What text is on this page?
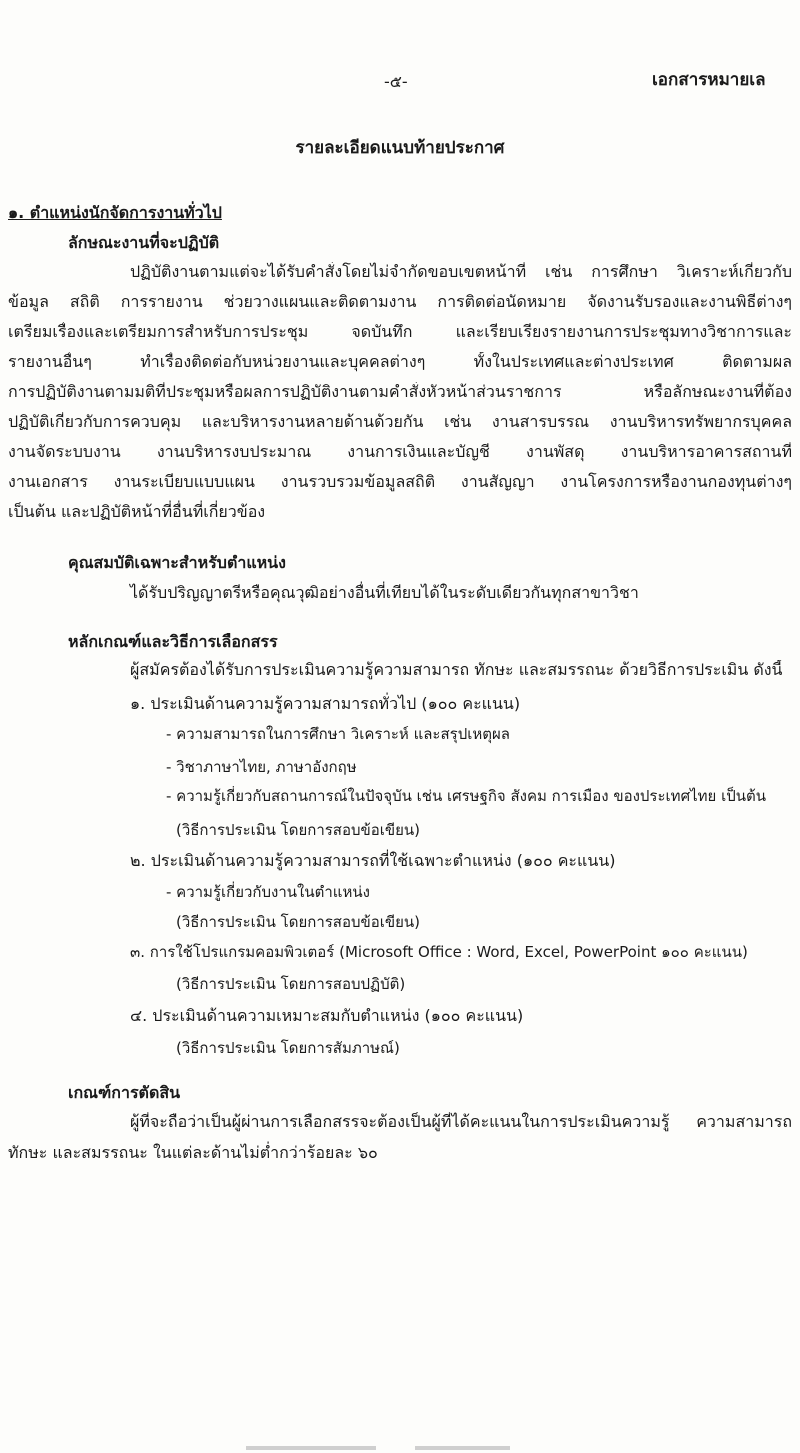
-๕-	เอกสารหมายเล
รายละเอียดแนบท้ายประกาศ
๑. ตำแหน่งนักจัดการงานทั่วไป
ลักษณะงานที่จะปฏิบัติ
ปฏิบัติงานตามแต่จะได้รับคำสั่งโดยไม่จำกัดขอบเขตหน้าที่ เช่น การศึกษา วิเคราะห์เกี่ยวกับ
ข้อมูล สถิติ การรายงาน ช่วยวางแผนและติดตามงาน การติดต่อนัดหมาย จัดงานรับรองและงานพิธีต่างๆ
เตรียมเรื่องและเตรียมการสำหรับการประชุม จดบันทึก และเรียบเรียงรายงานการประชุมทางวิชาการและ
รายงานอื่นๆ ทำเรื่องติดต่อกับหน่วยงานและบุคคลต่างๆ ทั้งในประเทศและต่างประเทศ ติดตามผล
การปฏิบัติงานตามมติที่ประชุมหรือผลการปฏิบัติงานตามคำสั่งหัวหน้าส่วนราชการ หรือลักษณะงานที่ต้อง
ปฏิบัติเกี่ยวกับการควบคุม และบริหารงานหลายด้านด้วยกัน เช่น งานสารบรรณ งานบริหารทรัพยากรบุคคล
งานจัดระบบงาน งานบริหารงบประมาณ งานการเงินและบัญชี งานพัสดุ งานบริหารอาคารสถานที่
งานเอกสาร งานระเบียบแบบแผน งานรวบรวมข้อมูลสถิติ งานสัญญา งานโครงการหรืองานกองทุนต่างๆ
เป็นต้น และปฏิบัติหน้าที่อื่นที่เกี่ยวข้อง
คุณสมบัติเฉพาะสำหรับตำแหน่ง
ได้รับปริญญาตรีหรือคุณวุฒิอย่างอื่นที่เทียบได้ในระดับเดียวกันทุกสาขาวิชา
หลักเกณฑ์และวิธีการเลือกสรร
ผู้สมัครต้องได้รับการประเมินความรู้ความสามารถ ทักษะ และสมรรถนะ ด้วยวิธีการประเมิน ดังนี้
๑. ประเมินด้านความรู้ความสามารถทั่วไป (๑๐๐ คะแนน)
- ความสามารถในการศึกษา วิเคราะห์ และสรุปเหตุผล
- วิชาภาษาไทย, ภาษาอังกฤษ
- ความรู้เกี่ยวกับสถานการณ์ในปัจจุบัน เช่น เศรษฐกิจ สังคม การเมือง ของประเทศไทย เป็นต้น
(วิธีการประเมิน โดยการสอบข้อเขียน)
๒. ประเมินด้านความรู้ความสามารถที่ใช้เฉพาะตำแหน่ง (๑๐๐ คะแนน)
- ความรู้เกี่ยวกับงานในตำแหน่ง
(วิธีการประเมิน โดยการสอบข้อเขียน)
๓. การใช้โปรแกรมคอมพิวเตอร์ (Microsoft Office : Word, Excel, PowerPoint ๑๐๐ คะแนน)
(วิธีการประเมิน โดยการสอบปฏิบัติ)
๔. ประเมินด้านความเหมาะสมกับตำแหน่ง (๑๐๐ คะแนน)
(วิธีการประเมิน โดยการสัมภาษณ์)
เกณฑ์การตัดสิน
ผู้ที่จะถือว่าเป็นผู้ผ่านการเลือกสรรจะต้องเป็นผู้ที่ได้คะแนนในการประเมินความรู้ ความสามารถ
ทักษะ และสมรรถนะ ในแต่ละด้านไม่ต่ำกว่าร้อยละ ๖๐
